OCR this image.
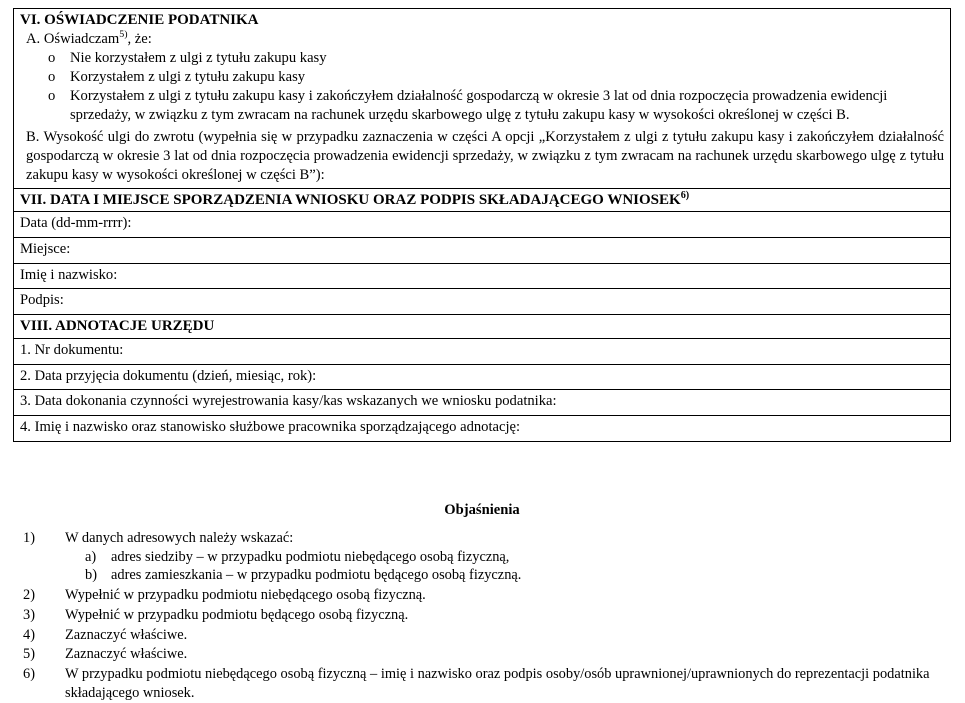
VI. OŚWIADCZENIE PODATNIKA
A. Oświadczam$^{5)}$, że:
o Nie korzystałem z ulgi z tytułu zakupu kasy
o Korzystałem z ulgi z tytułu zakupu kasy
o Korzystałem z ulgi z tytułu zakupu kasy i zakończyłem działalność gospodarczą w okresie 3 lat od dnia rozpoczęcia prowadzenia ewidencji sprzedaży, w związku z tym zwracam na rachunek urzędu skarbowego ulgę z tytułu zakupu kasy w wysokości określonej w części B.
B. Wysokość ulgi do zwrotu (wypełnia się w przypadku zaznaczenia w części A opcji „Korzystałem z ulgi z tytułu zakupu kasy i zakończyłem działalność gospodarczą w okresie 3 lat od dnia rozpoczęcia prowadzenia ewidencji sprzedaży, w związku z tym zwracam na rachunek urzędu skarbowego ulgę z tytułu zakupu kasy w wysokości określonej w części B”):
VII. DATA I MIEJSCE SPORZĄDZENIA WNIOSKU ORAZ PODPIS SKŁADAJĄCEGO WNIOSEK$^{6)}$
Data (dd-mm-rrrr):
Miejsce:
Imię i nazwisko:
Podpis:
VIII. ADNOTACJE URZĘDU
1. Nr dokumentu:
2. Data przyjęcia dokumentu (dzień, miesiąc, rok):
3. Data dokonania czynności wyrejestrowania kasy/kas wskazanych we wniosku podatnika:
4. Imię i nazwisko oraz stanowisko służbowe pracownika sporządzającego adnotację:
Objaśnienia
1)	W danych adresowych należy wskazać:
a) adres siedziby – w przypadku podmiotu niebędącego osobą fizyczną,
b) adres zamieszkania – w przypadku podmiotu będącego osobą fizyczną.
2)	Wypełnić w przypadku podmiotu niebędącego osobą fizyczną.
3)	Wypełnić w przypadku podmiotu będącego osobą fizyczną.
4)	Zaznaczyć właściwe.
5)	Zaznaczyć właściwe.
6)	W przypadku podmiotu niebędącego osobą fizyczną – imię i nazwisko oraz podpis osoby/osób uprawnionej/uprawnionych do reprezentacji podatnika składającego wniosek.
